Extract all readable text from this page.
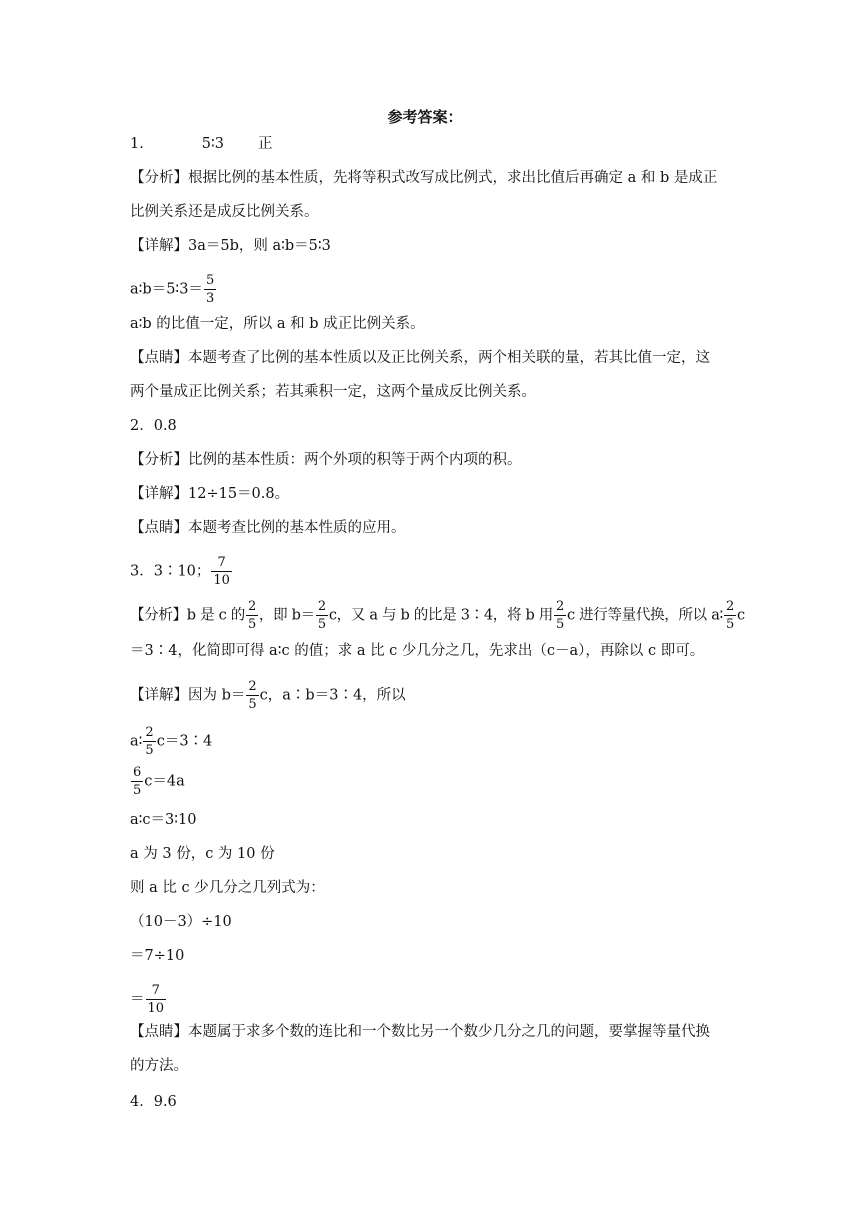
参考答案：
1．	5∶3 正
【分析】根据比例的基本性质，先将等积式改写成比例式，求出比值后再确定 a 和 b 是成正
比例关系还是成反比例关系。
【详解】3a＝5b，则 a∶b＝5∶3
a∶b＝5∶3＝ $\frac{5}{3}$
a∶b 的比值一定，所以 a 和 b 成正比例关系。
【点睛】本题考查了比例的基本性质以及正比例关系，两个相关联的量，若其比值一定，这
两个量成正比例关系；若其乘积一定，这两个量成反比例关系。
2．0.8
【分析】比例的基本性质：两个外项的积等于两个内项的积。
【详解】12÷15＝0.8。
【点睛】本题考查比例的基本性质的应用。
3．3∶10； $\frac{7}{10}$
【分析】b 是 c 的 $\frac{2}{5}$ ，即 $b= \frac{2}{5}$ c，又 a 与 b 的比是 3∶4，将 b 用 $\frac{2}{5}$ c 进行等量代换，所以 a∶ $\frac{2}{5}$ c
＝3∶4，化简即可得 a∶c 的值；求 a 比 c 少几分之几，先求出（c－a），再除以 c 即可。
【详解】因为 $b= \frac{2}{5}$ c，a∶b＝3∶4，所以
a∶ $\frac{2}{5}$ c＝3∶4
$\frac{6}{5} c=4a$
a∶c＝3∶10
a 为 3 份，c 为 10 份
则 a 比 c 少几分之几列式为：
（10－3）÷10
＝7÷10
＝ $\frac{7}{10}$
【点睛】本题属于求多个数的连比和一个数比另一个数少几分之几的问题，要掌握等量代换
的方法。
4．9.6
